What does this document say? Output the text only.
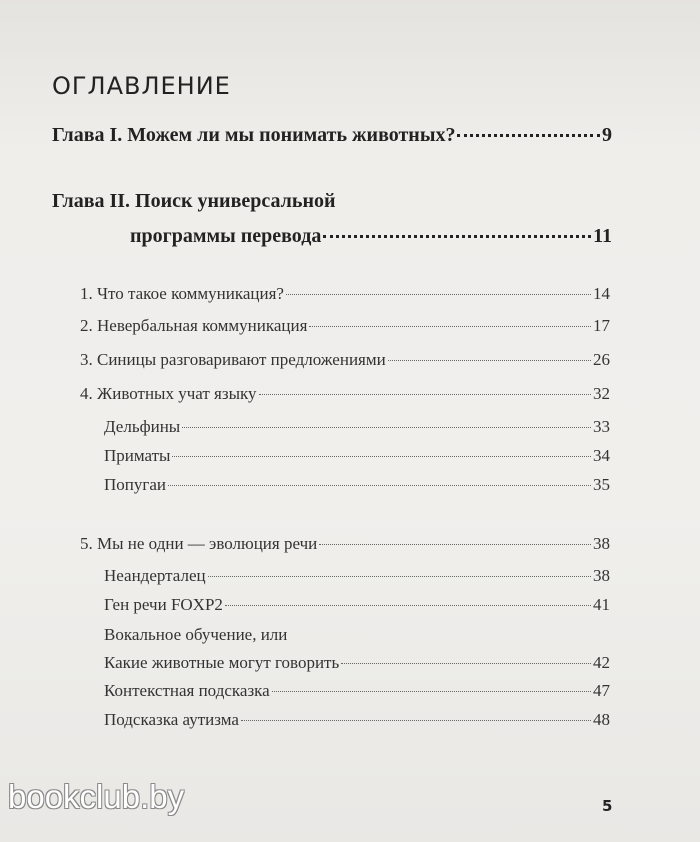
ОГЛАВЛЕНИЕ
Глава I. Можем ли мы понимать животных?	9
Глава II. Поиск универсальной
программы перевода	11
1. Что такое коммуникация?	14
2. Невербальная коммуникация	17
3. Синицы разговаривают предложениями	26
4. Животных учат языку	32
Дельфины	33
Приматы	34
Попугаи	35
5. Мы не одни — эволюция речи	38
Неандерталец	38
Ген речи FOXP2	41
Вокальное обучение, или
Какие животные могут говорить	42
Контекстная подсказка	47
Подсказка аутизма	48
bookclub.by	5
